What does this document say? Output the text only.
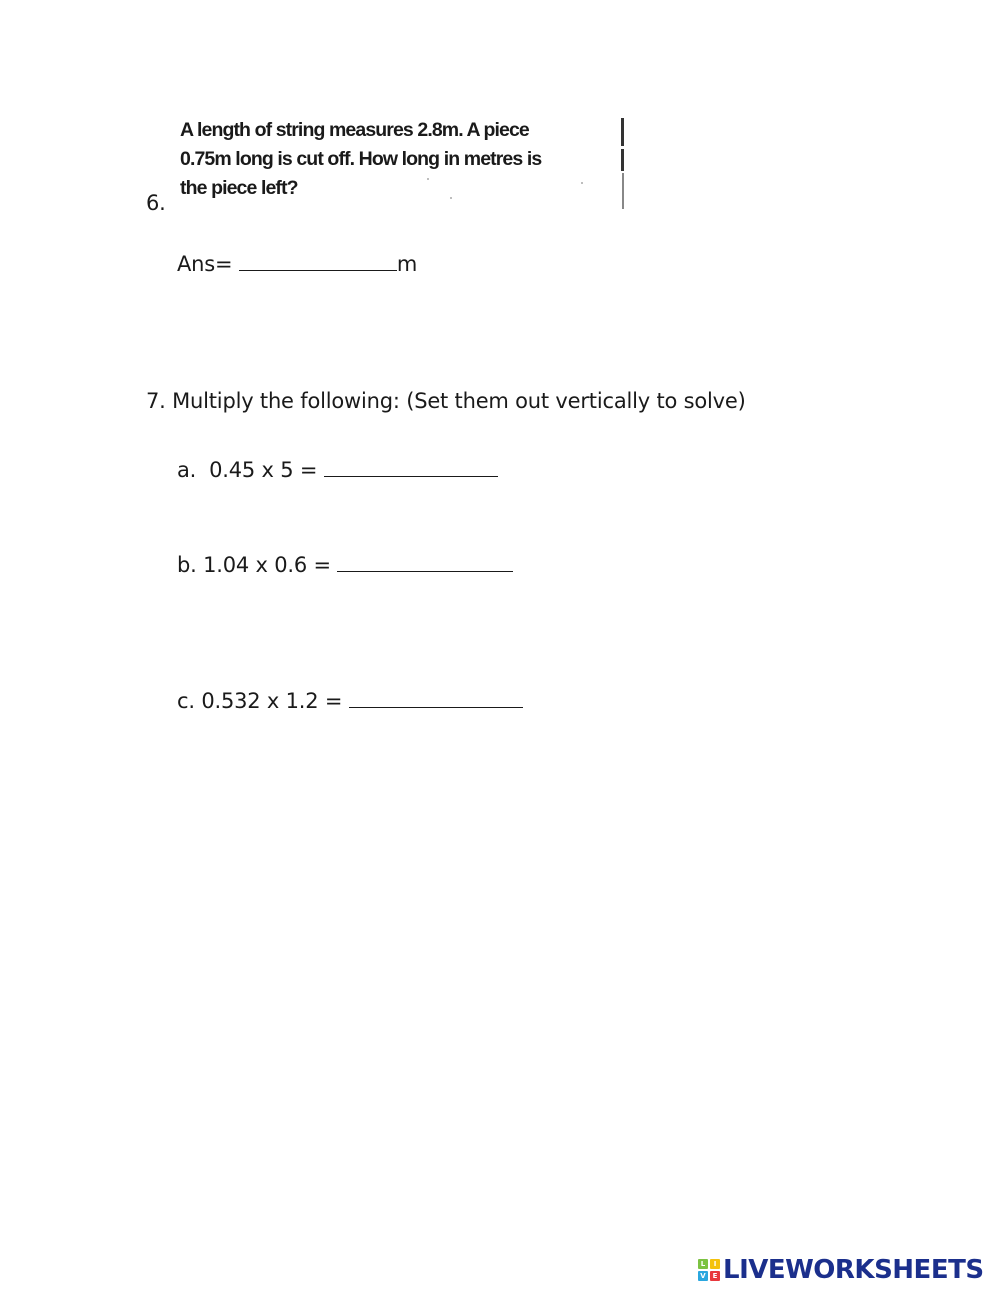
A length of string measures 2.8m. A piece
0.75m long is cut off. How long in metres is
the piece left?
6.
Ans=	m
7. Multiply the following: (Set them out vertically to solve)
a. 0.45 x 5 =
b. 1.04 x 0.6 =
c. 0.532 x 1.2 =
L	I
V E LIVEWORKSHEETS
